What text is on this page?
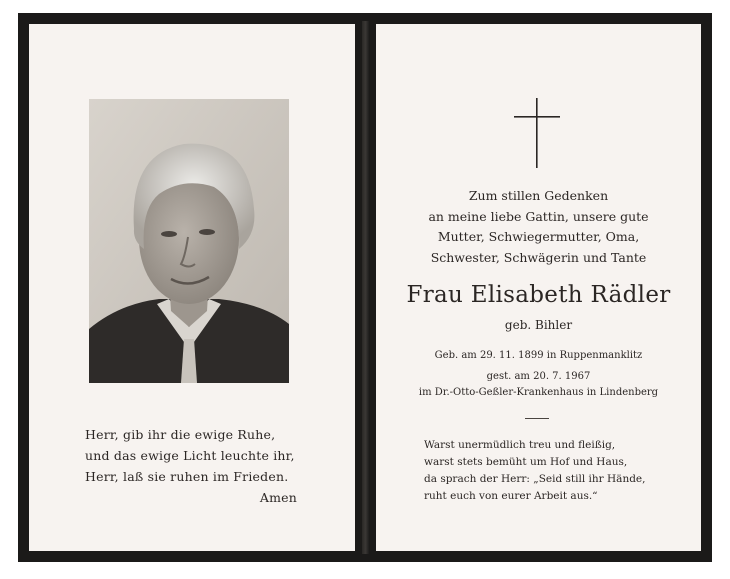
Herr, gib ihr die ewige Ruhe,
und das ewige Licht leuchte ihr,
Herr, laß sie ruhen im Frieden.
Amen
Zum stillen Gedenken
an meine liebe Gattin, unsere gute
Mutter, Schwiegermutter, Oma,
Schwester, Schwägerin und Tante
Frau Elisabeth Rädler
geb. Bihler
Geb. am 29. 11. 1899 in Ruppenmanklitz
gest. am 20. 7. 1967
im Dr.-Otto-Geßler-Krankenhaus in Lindenberg
Warst unermüdlich treu und fleißig,
warst stets bemüht um Hof und Haus,
da sprach der Herr: „Seid still ihr Hände,
ruht euch von eurer Arbeit aus.“
